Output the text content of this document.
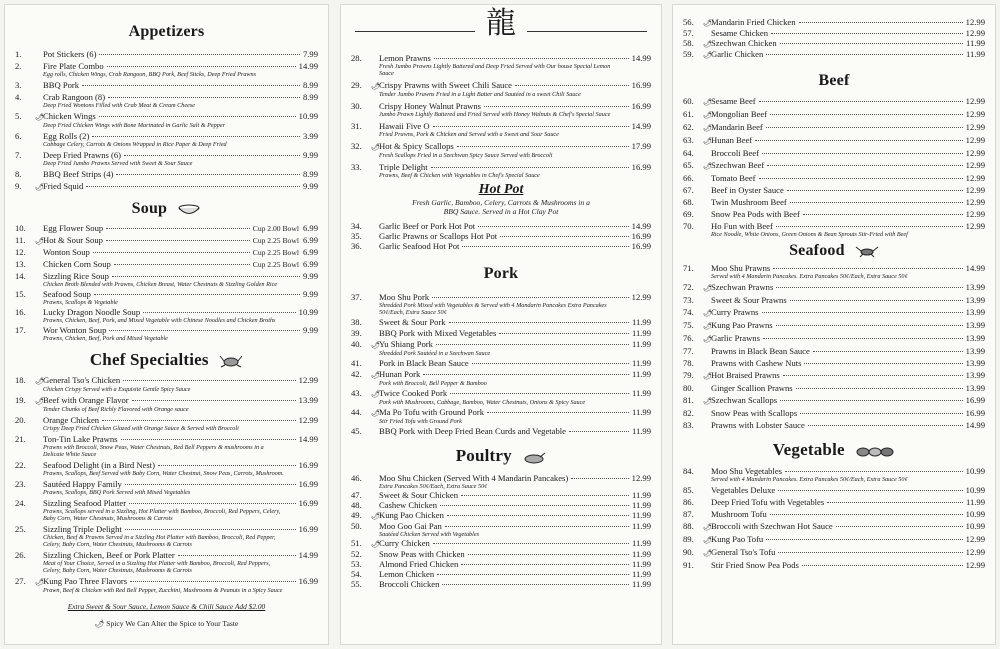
Appetizers
1.	Pot Stickers (6)	7.99
2.	Fire Plate Combo	14.99
Egg rolls, Chicken Wings, Crab Rangoon, BBQ Pork, Beef Sticks, Deep Fried Prawns
3.	BBQ Pork	8.99
4.	Crab Rangoon (8)	8.99
Deep Fried Wontons Filled with Crab Meat & Cream Cheese
5.	🌶 Chicken Wings	10.99
Deep Fried Chicken Wings with Bone Marinated in Garlic Salt & Pepper
6.	Egg Rolls (2)	3.99
Cabbage Celery, Carrots & Onions Wrapped in Rice Paper & Deep Fried
7.	Deep Fried Prawns (6)	9.99
Deep Fried Jumbo Prawns Served with Sweet & Sour Sauce
8.	BBQ Beef Strips (4)	8.99
9.	🌶 Fried Squid	9.99
Soup
10.	Egg Flower Soup	Cup 2.00 Bowl 6.99
11.	🌶 Hot & Sour Soup	Cup 2.25 Bowl 6.99
12.	Wonton Soup	Cup 2.25 Bowl 6.99
13.	Chicken Corn Soup	Cup 2.25 Bowl 6.99
14.	Sizzling Rice Soup	9.99
Chicken Broth Blended with Prawns, Chicken Breast, Water Chestnuts & Sizzling Golden Rice
15.	Seafood Soup	9.99
Prawns, Scallops & Vegetable
16.	Lucky Dragon Noodle Soup	10.99
Prawns, Chicken, Beef, Pork, and Mixed Vegetable with Chinese Noodles and Chicken Broths
17.	Wor Wonton Soup	9.99
Prawns, Chicken, Beef, Pork and Mixed Vegetable
Chef Specialties
18.	🌶 General Tso's Chicken	12.99
Chicken Crispy Served with a Exquisite Gentle Spicy Sauce
19.	🌶 Beef with Orange Flavor	13.99
Tender Chunks of Beef Richly Flavored with Orange sauce
20.	Orange Chicken	12.99
Crispy Deep Fried Chicken Glazed with Orange Sauce & Served with Broccoli
21.	Ton-Tin Lake Prawns	14.99
Prawns with Broccoli, Snow Peas, Water Chestnuts, Red Bell Peppers & mushrooms in a Delicate White Sauce
22.	Seafood Delight (in a Bird Nest)	16.99
Prawns, Scallops, Beef Served with Baby Corn, Water Chestnut, Snow Peas, Carrots, Mushroom.
23.	Sautéed Happy Family	16.99
Prawns, Scallops, BBQ Pork Served with Mixed Vegetables
24.	Sizzling Seafood Platter	16.99
Prawns, Scallops served in a Sizzling, Hot Platter with Bamboo, Broccoli, Red Peppers, Celery, Baby Corn, Water Chestnuts, Mushrooms & Carrots
25.	Sizzling Triple Delight	16.99
Chicken, Beef & Prawns Served in a Sizzling Hot Platter with Bamboo, Broccoli, Red Pepper, Celery, Baby Corn, Water Chestnuts, Mushrooms & Carrots
26.	Sizzling Chicken, Beef or Pork Platter	14.99
Meat of Your Choice, Served in a Sizzling Hot Platter with Bamboo, Broccoli, Red Peppers, Celery, Baby Corn, Water Chestnuts, Mushrooms & Carrots
27.	🌶 Kung Pao Three Flavors	16.99
Prawn, Beef & Chicken with Red Bell Pepper, Zucchini, Mushrooms & Peanuts in a Spicy Sauce
Extra Sweet & Sour Sauce, Lemon Sauce & Chili Sauce Add $2.00
🌶 Spicy We Can Alter the Spice to Your Taste
龍
28.	Lemon Prawns	14.99
Fresh Jumbo Prawns Lightly Battered and Deep Fried Served with Our house Special Lemon Sauce
29.	🌶 Crispy Prawns with Sweet Chili Sauce	16.99
Tender Jumbo Prawns Fried in a Light Batter and Sautéed in a sweet Chili Sauce
30.	Crispy Honey Walnut Prawns	16.99
Jumbo Prawn Lightly Battered and Fried Served with Honey Walnuts & Chef's Special Sauce
31.	Hawaii Five O	14.99
Fried Prawns, Pork & Chicken and Served with a Sweet and Sour Sauce
32.	🌶 Hot & Spicy Scallops	17.99
Fresh Scallops Fried in a Szechwan Spicy Sauce Served with Broccoli
33.	Triple Delight	16.99
Prawns, Beef & Chicken with Vegetables in Chef's Special Sauce
Hot Pot
Fresh Garlic, Bamboo, Celery, Carrots & Mushrooms in a BBQ Sauce. Served in a Hot Clay Pot
34.	Garlic Beef or Pork Hot Pot	14.99
35.	Garlic Prawns or Scallops Hot Pot	16.99
36.	Garlic Seafood Hot Pot	16.99
Pork
37.	Moo Shu Pork	12.99
Shredded Pork Mixed with Vegetables & Served with 4 Mandarin Pancakes Extra Pancakes 50¢/Each, Extra Sauce 50¢
38.	Sweet & Sour Pork	11.99
39.	BBQ Pork with Mixed Vegetables	11.99
40.	🌶 Yu Shiang Pork	11.99
Shredded Pork Sautéed in a Szechwan Sauce
41.	Pork in Black Bean Sauce	11.99
42.	🌶 Hunan Pork	11.99
Pork with Broccoli, Bell Pepper & Bamboo
43.	🌶 Twice Cooked Pork	11.99
Pork with Mushrooms, Cabbage, Bamboo, Water Chestnuts, Onions & Spicy Sauce
44.	🌶 Ma Po Tofu with Ground Pork	11.99
Stir Fried Tofu with Ground Pork
45.	BBQ Pork with Deep Fried Bean Curds and Vegetable	11.99
Poultry
46.	Moo Shu Chicken (Served With 4 Mandarin Pancakes)	12.99
Extra Pancakes 50¢/Each, Extra Sauce 50¢
47.	Sweet & Sour Chicken	11.99
48.	Cashew Chicken	11.99
49.	🌶 Kung Pao Chicken	11.99
50.	Moo Goo Gai Pan	11.99
Sautéed Chicken Served with Vegetables
51.	🌶 Curry Chicken	11.99
52.	Snow Peas with Chicken	11.99
53.	Almond Fried Chicken	11.99
54.	Lemon Chicken	11.99
55.	Broccoli Chicken	11.99
56.	🌶 Mandarin Fried Chicken	12.99
57.	Sesame Chicken	12.99
58.	🌶 Szechwan Chicken	11.99
59.	🌶 Garlic Chicken	11.99
Beef
60.	🌶 Sesame Beef	12.99
61.	🌶 Mongolian Beef	12.99
62.	🌶 Mandarin Beef	12.99
63.	🌶 Hunan Beef	12.99
64.	Broccoli Beef	12.99
65.	🌶 Szechwan Beef	12.99
66.	Tomato Beef	12.99
67.	Beef in Oyster Sauce	12.99
68.	Twin Mushroom Beef	12.99
69.	Snow Pea Pods with Beef	12.99
70.	Ho Fun with Beef	12.99
Rice Noodle, White Onions, Green Onions & Bean Sprouts Stir-Fried with Beef
Seafood
71.	Moo Shu Prawns	14.99
Served with 4 Mandarin Pancakes. Extra Pancakes 50¢/Each, Extra Sauce 50¢
72.	🌶 Szechwan Prawns	13.99
73.	Sweet & Sour Prawns	13.99
74.	🌶 Curry Prawns	13.99
75.	🌶 Kung Pao Prawns	13.99
76.	🌶 Garlic Prawns	13.99
77.	Prawns in Black Bean Sauce	13.99
78.	Prawns with Cashew Nuts	13.99
79.	🌶 Hot Braised Prawns	13.99
80.	Ginger Scallion Prawns	13.99
81.	🌶 Szechwan Scallops	16.99
82.	Snow Peas with Scallops	16.99
83.	Prawns with Lobster Sauce	14.99
Vegetable
84.	Moo Shu Vegetables	10.99
Served with 4 Mandarin Pancakes. Extra Pancakes 50¢/Each, Extra Sauce 50¢
85.	Vegetables Deluxe	10.99
86.	Deep Fried Tofu with Vegetables	11.99
87.	Mushroom Tofu	10.99
88.	🌶 Broccoli with Szechwan Hot Sauce	10.99
89.	🌶 Kung Pao Tofu	12.99
90.	🌶 General Tso's Tofu	12.99
91.	Stir Fried Snow Pea Pods	12.99
